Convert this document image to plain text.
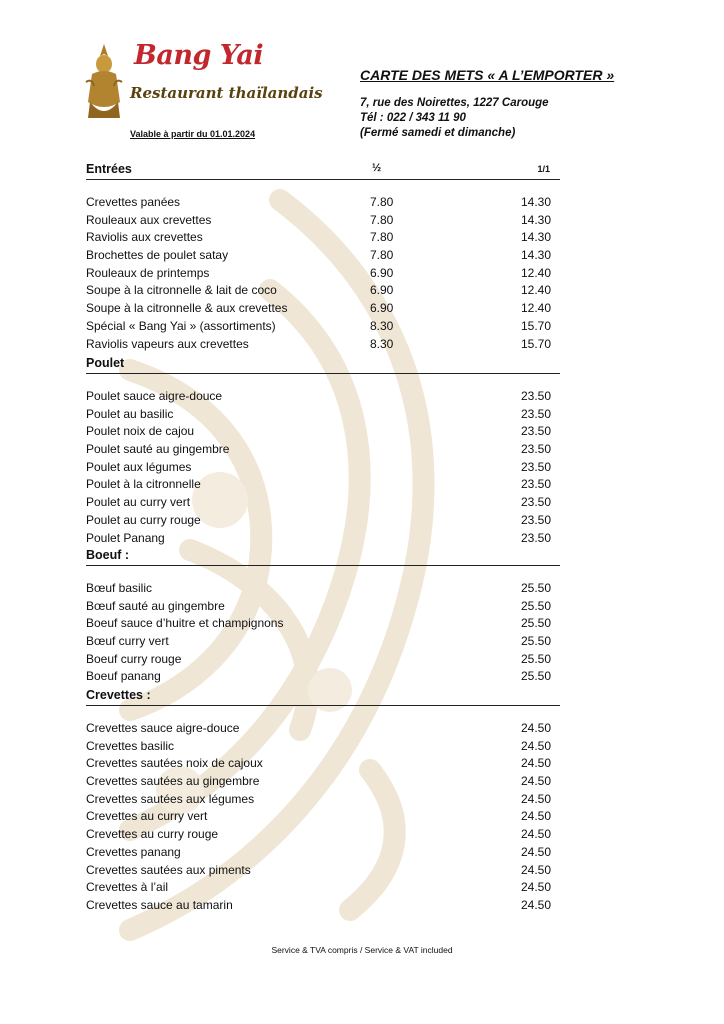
Bang Yai
Restaurant thaïlandais
Valable à partir du 01.01.2024
CARTE DES METS « A L’EMPORTER »
7, rue des Noirettes, 1227 Carouge
Tél : 022 / 343 11 90
(Fermé samedi et dimanche)
Entrées	½	1/1
Crevettes panées	7.80	14.30
Rouleaux aux crevettes	7.80	14.30
Raviolis aux crevettes	7.80	14.30
Brochettes de poulet satay	7.80	14.30
Rouleaux de printemps	6.90	12.40
Soupe à la citronnelle & lait de coco	6.90	12.40
Soupe à la citronnelle & aux crevettes	6.90	12.40
Spécial « Bang Yai » (assortiments)	8.30	15.70
Raviolis vapeurs aux crevettes	8.30	15.70
Poulet
Poulet sauce aigre-douce	23.50
Poulet au basilic	23.50
Poulet noix de cajou	23.50
Poulet sauté au gingembre	23.50
Poulet aux légumes	23.50
Poulet à la citronnelle	23.50
Poulet au curry vert	23.50
Poulet au curry rouge	23.50
Poulet Panang	23.50
Boeuf :
Bœuf basilic	25.50
Bœuf sauté au gingembre	25.50
Boeuf sauce d’huitre et champignons	25.50
Bœuf curry vert	25.50
Boeuf curry rouge	25.50
Boeuf panang	25.50
Crevettes :
Crevettes sauce aigre-douce	24.50
Crevettes basilic	24.50
Crevettes sautées noix de cajoux	24.50
Crevettes sautées au gingembre	24.50
Crevettes sautées aux légumes	24.50
Crevettes au curry vert	24.50
Crevettes au curry rouge	24.50
Crevettes panang	24.50
Crevettes sautées aux piments	24.50
Crevettes à l’ail	24.50
Crevettes sauce au tamarin	24.50
Service & TVA compris / Service & VAT included
